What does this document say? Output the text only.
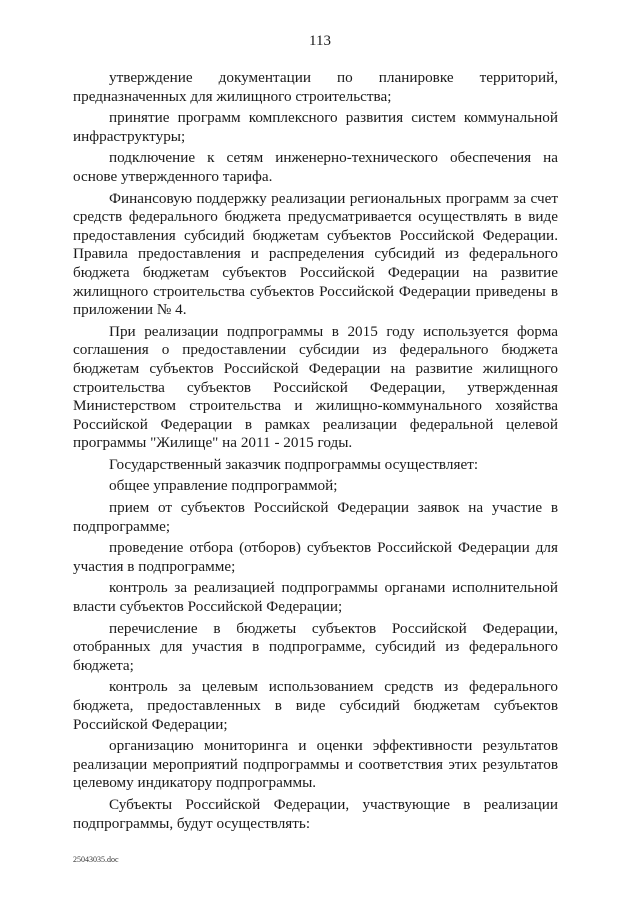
113

утверждение документации по планировке территорий, предназначенных для жилищного строительства;

принятие программ комплексного развития систем коммунальной инфраструктуры;

подключение к сетям инженерно-технического обеспечения на основе утвержденного тарифа.

Финансовую поддержку реализации региональных программ за счет средств федерального бюджета предусматривается осуществлять в виде предоставления субсидий бюджетам субъектов Российской Федерации. Правила предоставления и распределения субсидий из федерального бюджета бюджетам субъектов Российской Федерации на развитие жилищного строительства субъектов Российской Федерации приведены в приложении № 4.

При реализации подпрограммы в 2015 году используется форма соглашения о предоставлении субсидии из федерального бюджета бюджетам субъектов Российской Федерации на развитие жилищного строительства субъектов Российской Федерации, утвержденная Министерством строительства и жилищно-коммунального хозяйства Российской Федерации в рамках реализации федеральной целевой программы "Жилище" на 2011 - 2015 годы.

Государственный заказчик подпрограммы осуществляет:

общее управление подпрограммой;

прием от субъектов Российской Федерации заявок на участие в подпрограмме;

проведение отбора (отборов) субъектов Российской Федерации для участия в подпрограмме;

контроль за реализацией подпрограммы органами исполнительной власти субъектов Российской Федерации;

перечисление в бюджеты субъектов Российской Федерации, отобранных для участия в подпрограмме, субсидий из федерального бюджета;

контроль за целевым использованием средств из федерального бюджета, предоставленных в виде субсидий бюджетам субъектов Российской Федерации;

организацию мониторинга и оценки эффективности результатов реализации мероприятий подпрограммы и соответствия этих результатов целевому индикатору подпрограммы.

Субъекты Российской Федерации, участвующие в реализации подпрограммы, будут осуществлять:

25043035.doc
